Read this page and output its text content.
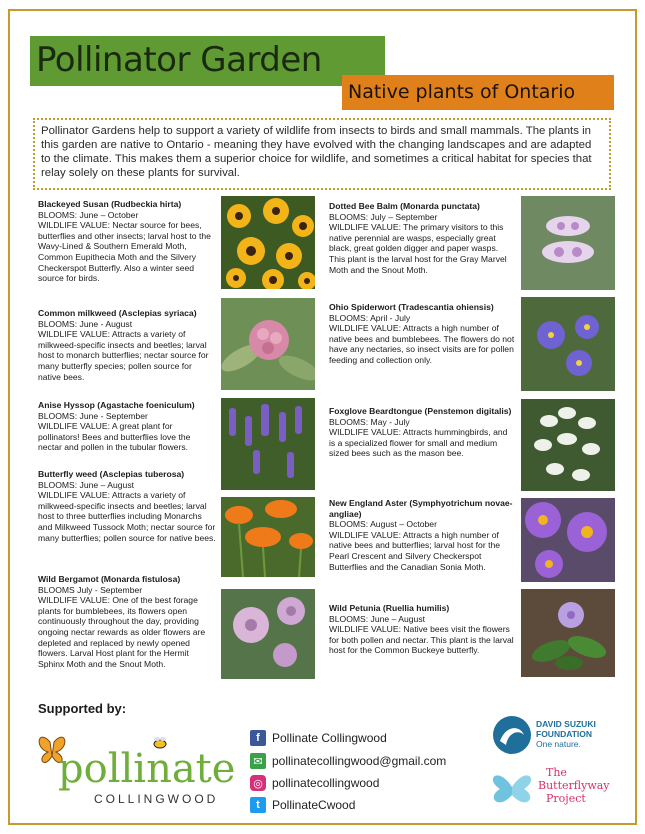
Pollinator Garden
Native plants of Ontario
Pollinator Gardens help to support a variety of wildlife from insects to birds and small mammals. The plants in this garden are native to Ontario - meaning they have evolved with the changing landscapes and are adapted to the climate. This makes them a superior choice for wildlife, and sometimes a critical habitat for species that relay solely on these plants for survival.
Blackeyed Susan (Rudbeckia hirta)
BLOOMS: June – October
WILDLIFE VALUE: Nectar source for bees, butterflies and other insects; larval host to the Wavy-Lined & Southern Emerald Moth, Common Eupithecia Moth and the Silvery Checkerspot Butterfly. Also a winter seed source for birds.
Common milkweed (Asclepias syriaca)
BLOOMS: June - August
WILDLIFE VALUE: Attracts a variety of milkweed-specific insects and beetles; larval host to monarch butterflies; nectar source for many butterfly species; pollen source for native bees.
Anise Hyssop (Agastache foeniculum)
BLOOMS: June - September
WILDLIFE VALUE: A great plant for pollinators! Bees and butterflies love the nectar and pollen in the tubular flowers.
Butterfly weed (Asclepias tuberosa)
BLOOMS: June – August
WILDLIFE VALUE: Attracts a variety of milkweed-specific insects and beetles; larval host to three butterflies including Monarchs and Milkweed Tussock Moth; nectar source for many butterflies; pollen source for native bees.
Wild Bergamot (Monarda fistulosa)
BLOOMS July - September
WILDLIFE VALUE: One of the best forage plants for bumblebees, its flowers open continuously throughout the day, providing ongoing nectar rewards as older flowers are depleted and replaced by newly opened flowers. Larval Host plant for the Hermit Sphinx Moth and the Snout Moth.
Dotted Bee Balm (Monarda punctata)
BLOOMS: July – September
WILDLIFE VALUE: The primary visitors to this native perennial are wasps, especially great black, great golden digger and paper wasps. This plant is the larval host for the Gray Marvel Moth and the Snout Moth.
Ohio Spiderwort (Tradescantia ohiensis)
BLOOMS: April - July
WILDLIFE VALUE: Attracts a high number of native bees and bumblebees. The flowers do not have any nectaries, so insect visits are for pollen feeding and collection only.
Foxglove Beardtongue (Penstemon digitalis)
BLOOMS: May - July
WILDLIFE VALUE: Attracts hummingbirds, and is a specialized flower for small and medium sized bees such as the mason bee.
New England Aster (Symphyotrichum novae-angliae)
BLOOMS: August – October
WILDLIFE VALUE: Attracts a high number of native bees and butterflies; larval host for the Pearl Crescent and Silvery Checkerspot Butterflies and the Canadian Sonia Moth.
Wild Petunia (Ruellia humilis)
BLOOMS: June – August
WILDLIFE VALUE: Native bees visit the flowers for both pollen and nectar. This plant is the larval host for the Common Buckeye butterfly.
Supported by:
pollinate
COLLINGWOOD
f	Pollinate Collingwood
✉ pollinatecollingwood@gmail.com
◎ pollinatecollingwood
t	PollinateCwood
DAVID SUZUKI
FOUNDATION
One nature.
The
Butterflyway
Project
